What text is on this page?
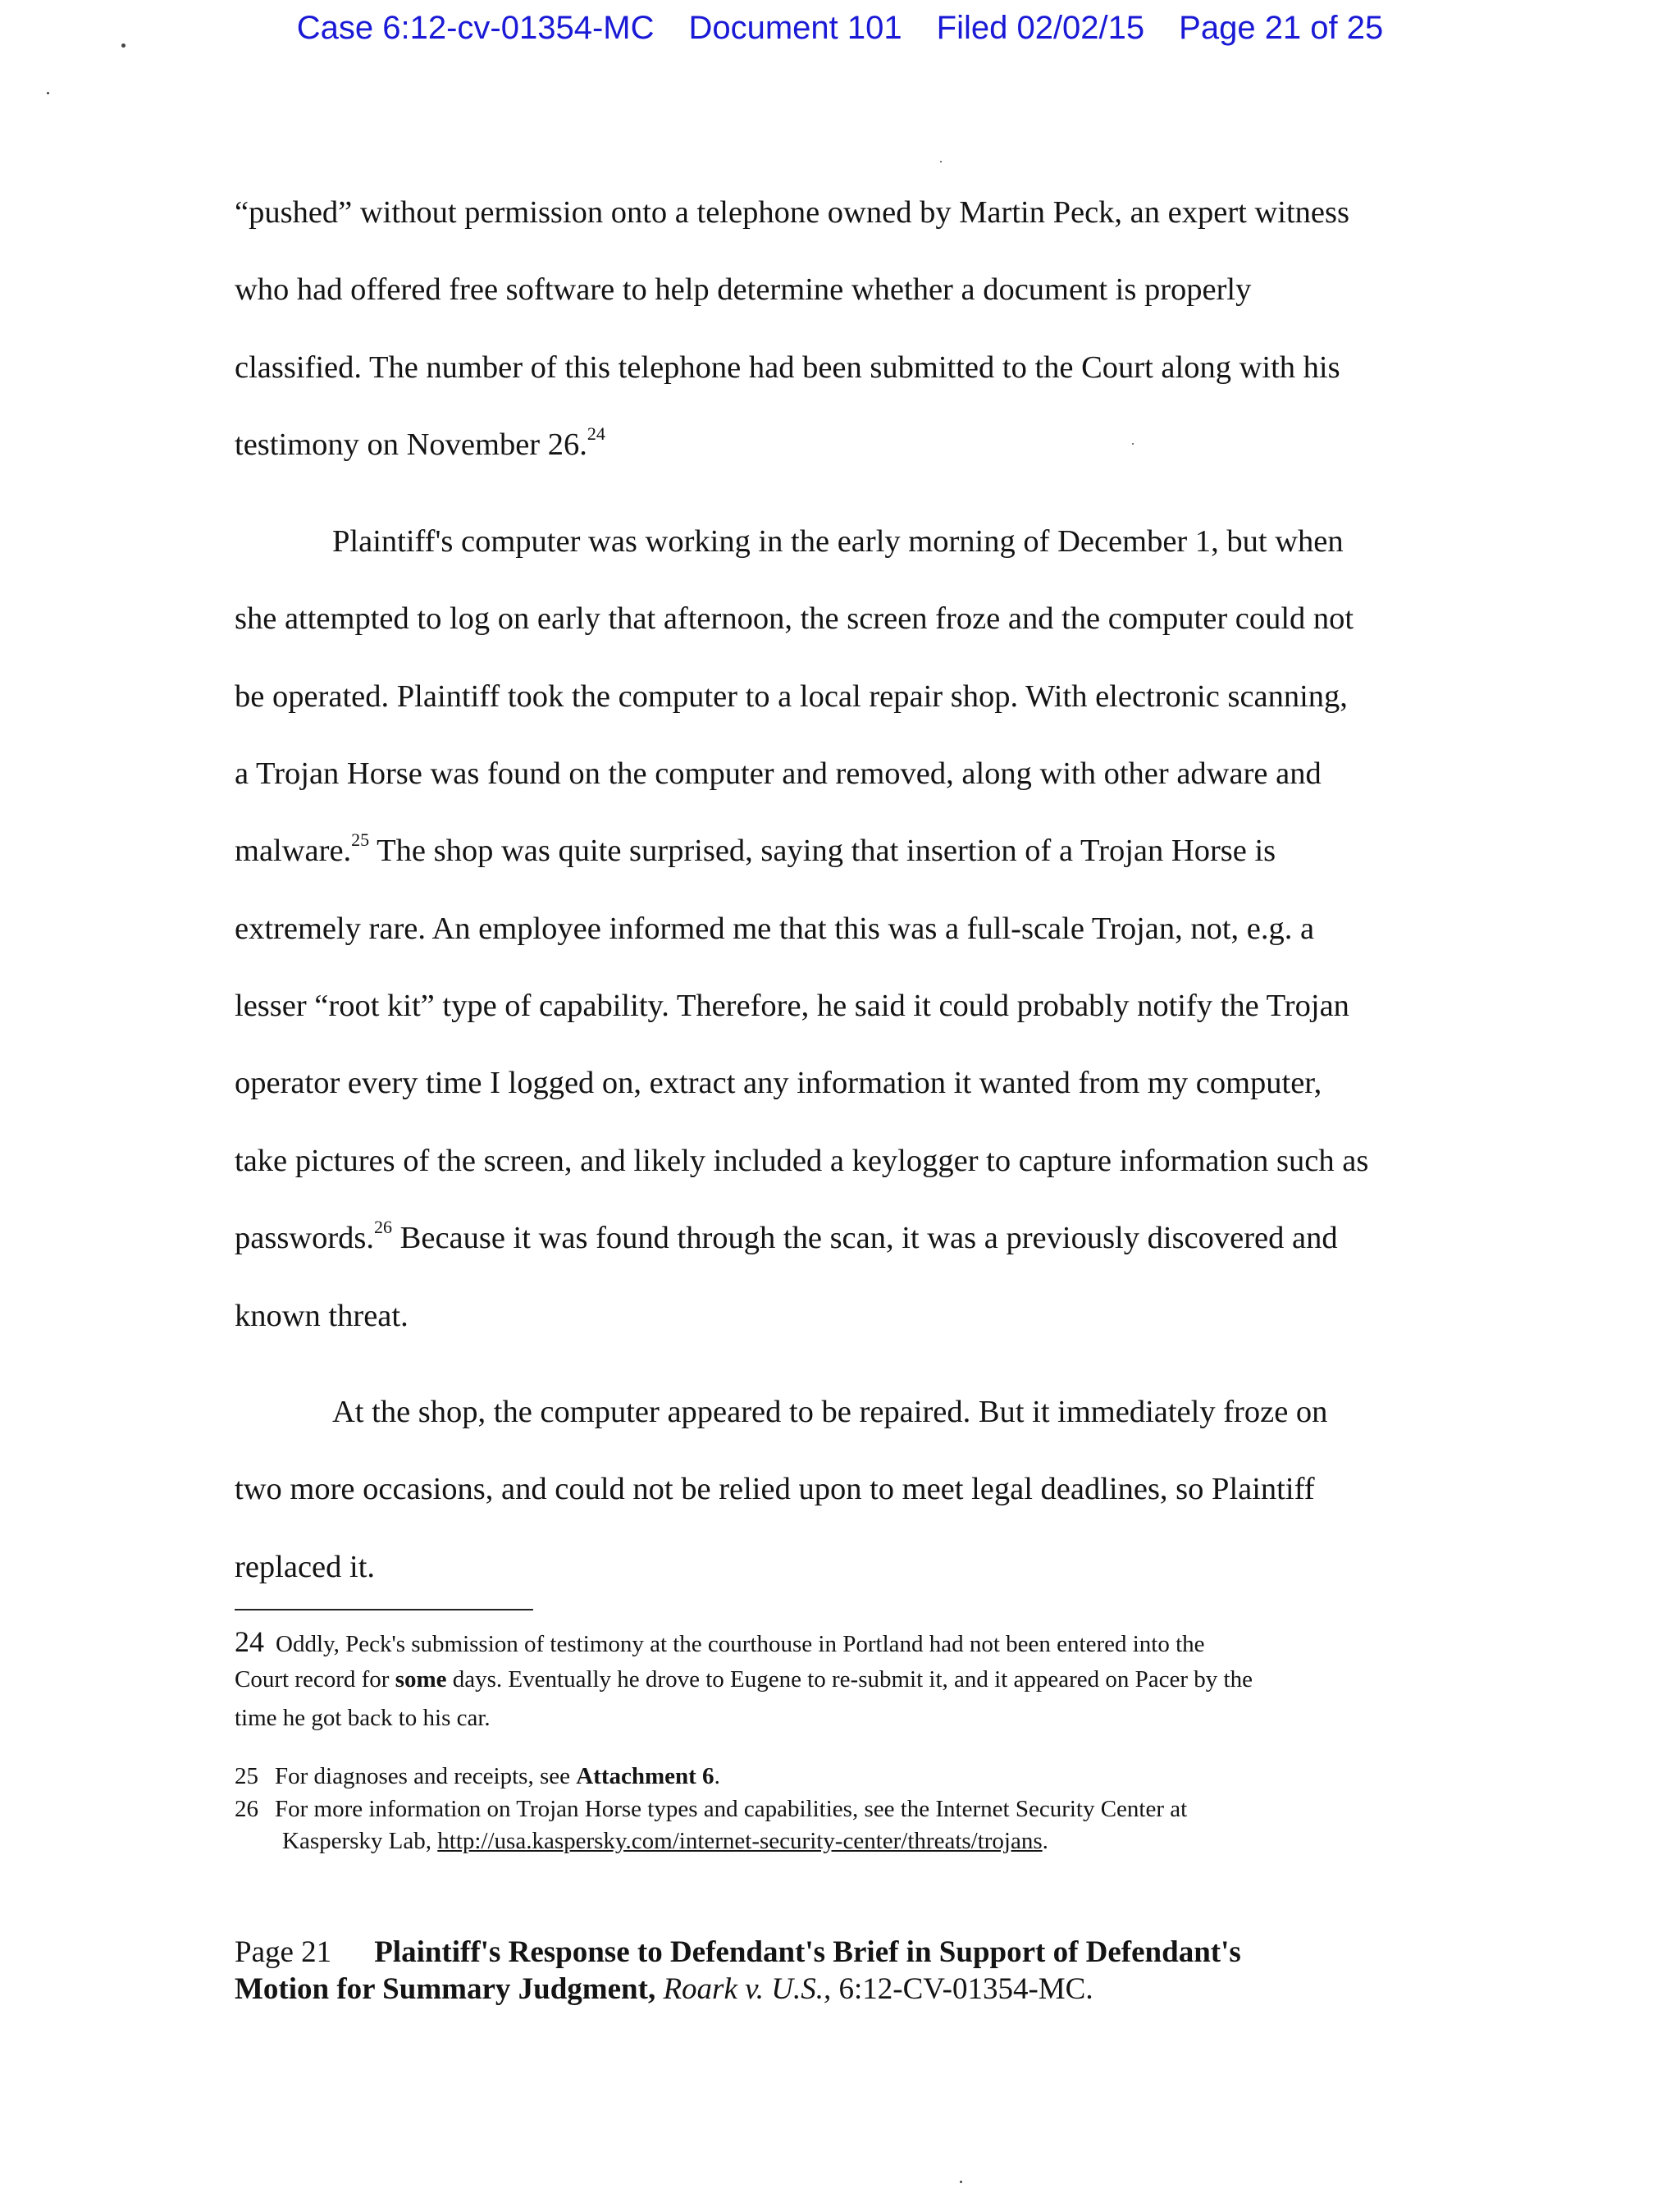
Case 6:12-cv-01354-MC Document 101 Filed 02/02/15 Page 21 of 25
“pushed” without permission onto a telephone owned by Martin Peck, an expert witness
who had offered free software to help determine whether a document is properly
classified. The number of this telephone had been submitted to the Court along with his
testimony on November 26.24
Plaintiff's computer was working in the early morning of December 1, but when
she attempted to log on early that afternoon, the screen froze and the computer could not
be operated. Plaintiff took the computer to a local repair shop. With electronic scanning,
a Trojan Horse was found on the computer and removed, along with other adware and
malware.$^{25}$ The shop was quite surprised, saying that insertion of a Trojan Horse is
extremely rare. An employee informed me that this was a full-scale Trojan, not, e.g. a
lesser “root kit” type of capability. Therefore, he said it could probably notify the Trojan
operator every time I logged on, extract any information it wanted from my computer,
take pictures of the screen, and likely included a keylogger to capture information such as
passwords.$^{26}$ Because it was found through the scan, it was a previously discovered and
known threat.
At the shop, the computer appeared to be repaired. But it immediately froze on
two more occasions, and could not be relied upon to meet legal deadlines, so Plaintiff
replaced it.
24 Oddly, Peck's submission of testimony at the courthouse in Portland had not been entered into the
Court record for some days. Eventually he drove to Eugene to re-submit it, and it appeared on Pacer by the
time he got back to his car.
25 For diagnoses and receipts, see Attachment 6.
26 For more information on Trojan Horse types and capabilities, see the Internet Security Center at
Kaspersky Lab, http://usa.kaspersky.com/internet-security-center/threats/trojans.
Page 21 Plaintiff's Response to Defendant's Brief in Support of Defendant's
Motion for Summary Judgment, Roark v. U.S., 6:12-CV-01354-MC.
